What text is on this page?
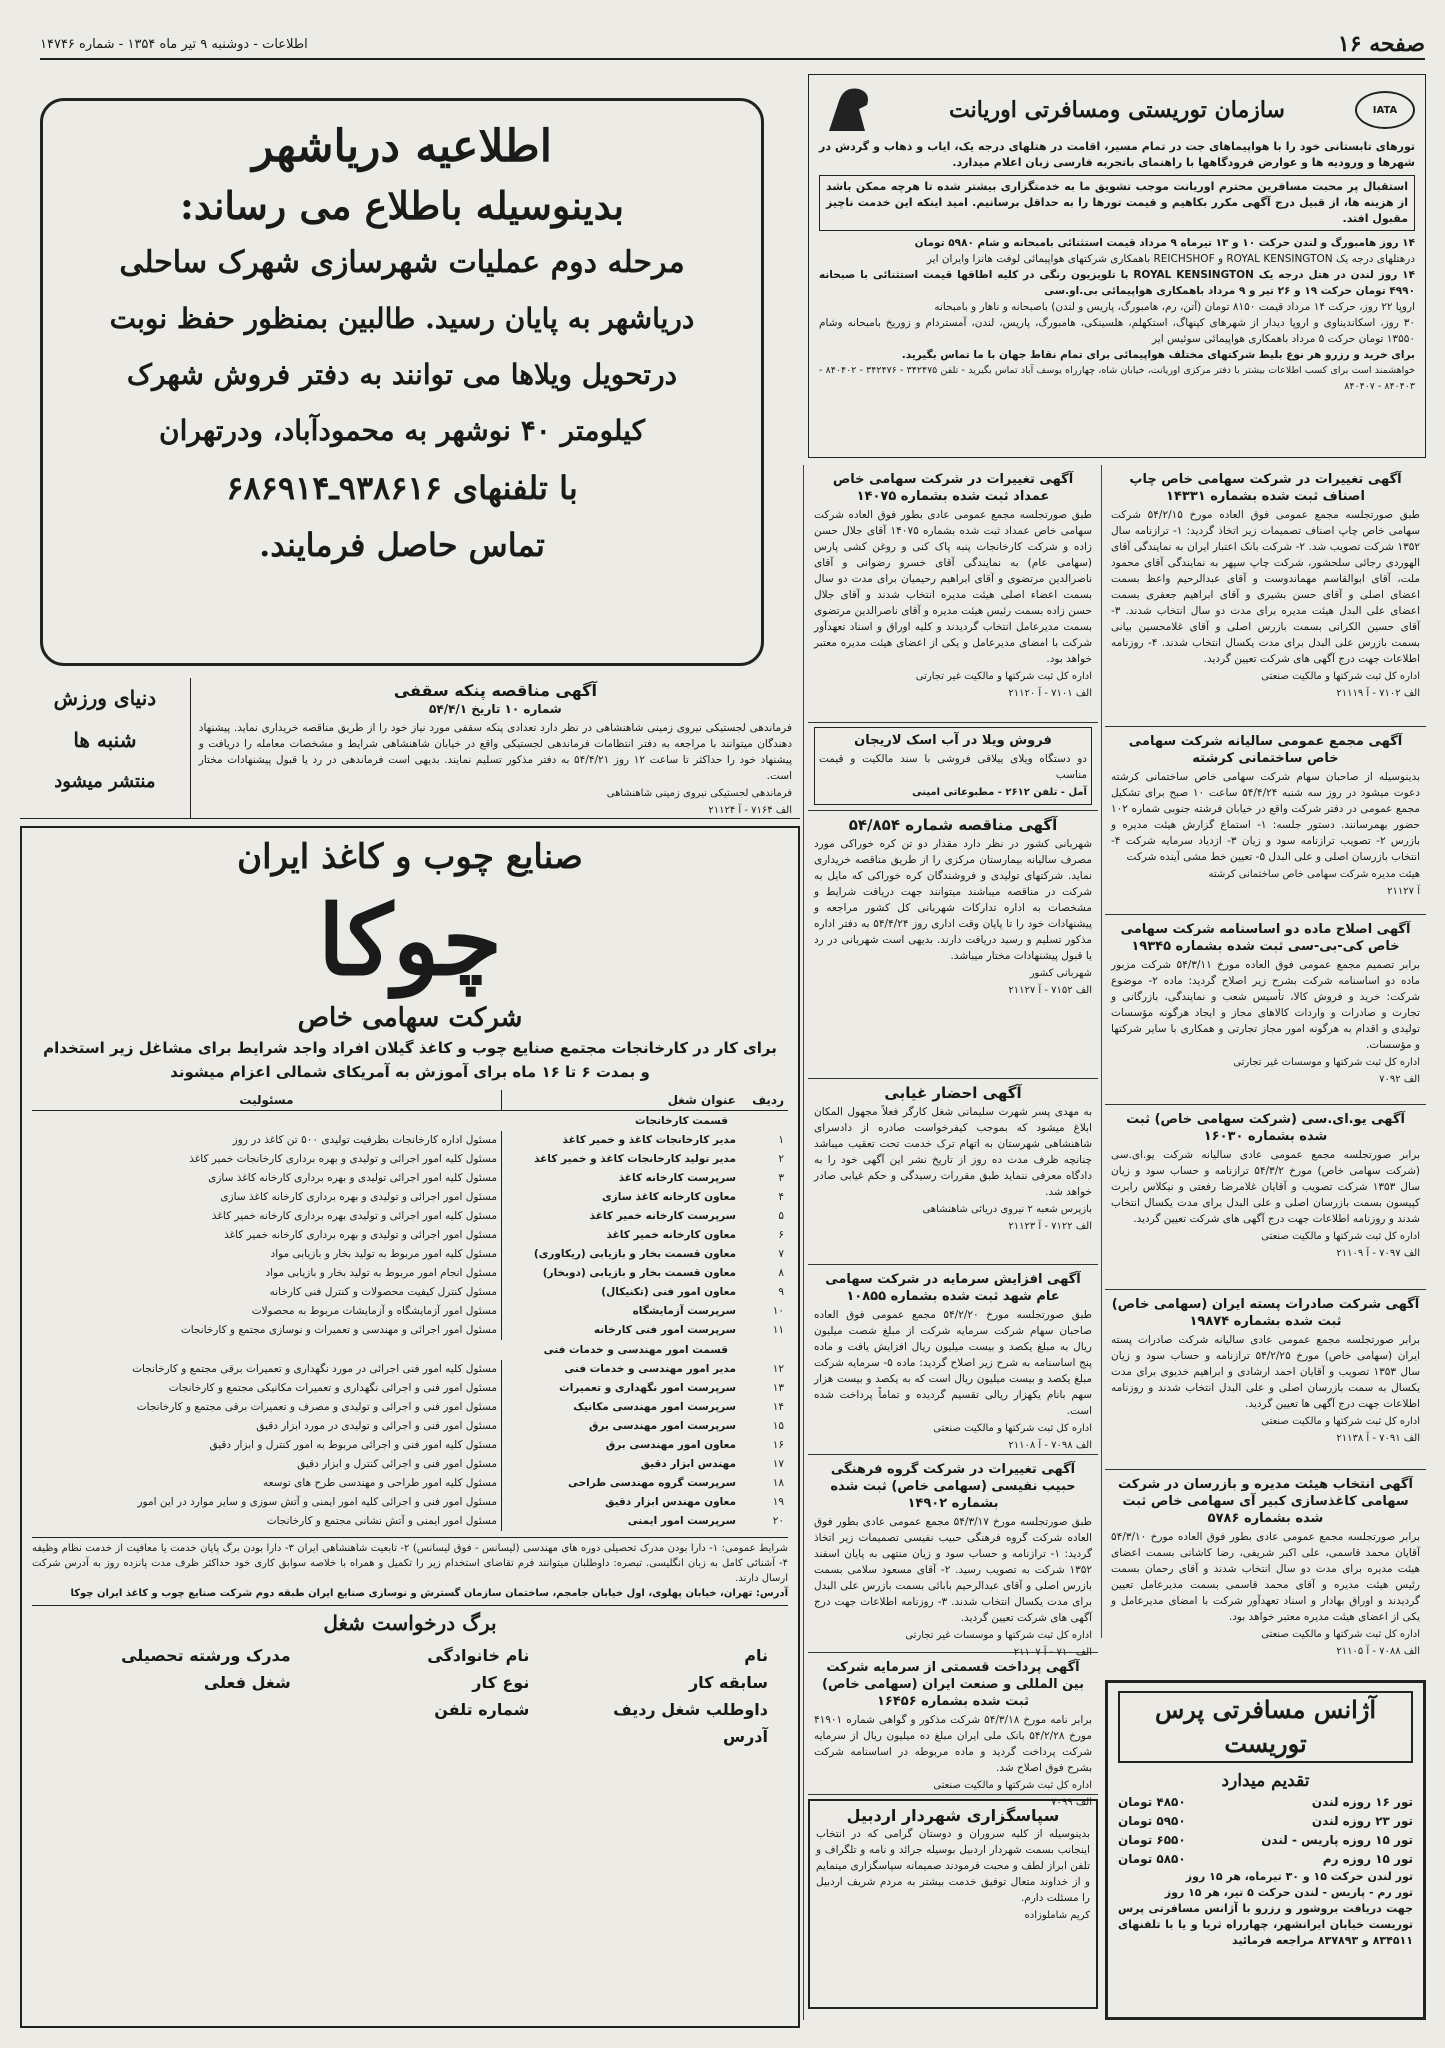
صفحه ۱۶
اطلاعات - دوشنبه ۹ تیر ماه ۱۳۵۴ - شماره ۱۴۷۴۶
اطلاعیه دریاشهر
بدینوسیله باطلاع می رساند:
مرحله دوم عملیات شهرسازی شهرک ساحلی
دریاشهر به پایان رسید. طالبین بمنظور حفظ نوبت
درتحویل ویلاها می توانند به دفتر فروش شهرک
کیلومتر ۴۰ نوشهر به محمودآباد، ودرتهران
با تلفنهای ۹۳۸۶۱۶ـ۶۸۶۹۱۴
تماس حاصل فرمایند.
IATA
سازمان توریستی ومسافرتی اوریانت

تورهای تابستانی خود را با هواپیماهای جت در تمام مسیر، اقامت در هتلهای درجه یک، ایاب و ذهاب و گردش در شهرها و ورودیه ها و عوارض فرودگاهها با راهنمای باتجربه فارسی زبان اعلام میدارد.

استقبال پر محبت مسافرین محترم اوریانت موجب تشویق ما به خدمتگزاری بیشتر شده تا هرچه ممکن باشد از هزینه ها، از قبیل درج آگهی مکرر بکاهیم و قیمت تورها را به حداقل برسانیم. امید اینکه این خدمت ناچیز مقبول افتد.

۱۴ روز هامبورگ و لندن حرکت ۱۰ و ۱۳ تیرماه ۹ مرداد قیمت استثنائی بامبحانه و شام ۵۹۸۰ تومان

درهتلهای درجه یک ROYAL KENSINGTON و REICHSHOF باهمکاری شرکتهای هواپیمائی لوفت هانزا وایران ایر

۱۴ روز لندن در هتل درجه یک ROYAL KENSINGTON با تلویزیون رنگی در کلیه اطاقها قیمت استثنائی با صبحانه ۴۹۹۰ تومان حرکت ۱۹ و ۲۶ تیر و ۹ مرداد باهمکاری هواپیمائی بی.او.سی

اروپا ۲۲ روز، حرکت ۱۴ مرداد قیمت ۸۱۵۰ تومان (آتن، رم، هامبورگ، پاریس و لندن) باصبحانه و ناهار و بامبحانه

۳۰ روز، اسکاندیناوی و اروپا دیدار از شهرهای کپنهاگ، استکهلم، هلسینکی، هامبورگ، پاریس، لندن، آمستردام و زوریخ بامبحانه وشام ۱۳۵۵۰ تومان حرکت ۵ مرداد باهمکاری هواپیمائی سوئیس ایر

برای خرید و رزرو هر نوع بلیط شرکتهای مختلف هواپیمائی برای تمام نقاط جهان با ما تماس بگیرید.

خواهشمند است برای کسب اطلاعات بیشتر با دفتر مرکزی اوریانت، خیابان شاه، چهارراه یوسف آباد تماس بگیرید - تلفن ۳۴۲۴۷۵ - ۳۴۲۴۷۶ - ۸۴۰۴۰۲ - ۸۴۰۴۰۳ - ۸۴۰۴۰۷

آگهی تغییرات در شرکت سهامی خاص چاپ اصناف ثبت شده بشماره ۱۴۳۳۱

طبق صورتجلسه مجمع عمومی فوق العاده مورخ ۵۴/۲/۱۵ شرکت سهامی خاص چاپ اصناف تصمیمات زیر اتخاذ گردید: ۱- ترازنامه سال ۱۳۵۲ شرکت تصویب شد. ۲- شرکت بانک اعتبار ایران به نمایندگی آقای الهوردی رجائی سلحشور، شرکت چاپ سپهر به نمایندگی آقای محمود ملت، آقای ابوالقاسم مهماندوست و آقای عبدالرحیم واعظ بسمت اعضای اصلی و آقای حسن بشیری و آقای ابراهیم جعفری بسمت اعضای علی البدل هیئت مدیره برای مدت دو سال انتخاب شدند. ۳- آقای حسین الکرانی بسمت بازرس اصلی و آقای غلامحسین بیانی بسمت بازرس علی البدل برای مدت یکسال انتخاب شدند. ۴- روزنامه اطلاعات جهت درج آگهی های شرکت تعیین گردید.

اداره کل ثبت شرکتها و مالکیت صنعتی
الف ۷۱۰۲ - آ ۲۱۱۱۹
آگهی مجمع عمومی سالیانه شرکت سهامی خاص ساختمانی کرشته

بدینوسیله از صاحبان سهام شرکت سهامی خاص ساختمانی کرشته دعوت میشود در روز سه شنبه ۵۴/۴/۲۴ ساعت ۱۰ صبح برای تشکیل مجمع عمومی در دفتر شرکت واقع در خیابان فرشته جنوبی شماره ۱۰۲ حضور بهمرسانند. دستور جلسه: ۱- استماع گزارش هیئت مدیره و بازرس ۲- تصویب ترازنامه سود و زیان ۳- ازدیاد سرمایه شرکت ۴- انتخاب بازرسان اصلی و علی البدل ۵- تعیین خط مشی آینده شرکت

هیئت مدیره شرکت سهامی خاص ساختمانی کرشته
آ ۲۱۱۲۷
آگهی اصلاح ماده دو اساسنامه شرکت سهامی خاص کی-بی-سی ثبت شده بشماره ۱۹۳۴۵

برابر تصمیم مجمع عمومی فوق العاده مورخ ۵۴/۳/۱۱ شرکت مزبور ماده دو اساسنامه شرکت بشرح زیر اصلاح گردید: ماده ۲- موضوع شرکت: خرید و فروش کالا، تأسیس شعب و نمایندگی، بازرگانی و تجارت و صادرات و واردات کالاهای مجاز و ایجاد هرگونه مؤسسات تولیدی و اقدام به هرگونه امور مجاز تجارتی و همکاری با سایر شرکتها و مؤسسات.

اداره کل ثبت شرکتها و موسسات غیر تجارتی
الف ۷۰۹۲
آگهی یو.ای.سی (شرکت سهامی خاص) ثبت شده بشماره ۱۶۰۳۰

برابر صورتجلسه مجمع عمومی عادی سالیانه شرکت یو.ای.سی (شرکت سهامی خاص) مورخ ۵۴/۳/۲ ترازنامه و حساب سود و زیان سال ۱۳۵۳ شرکت تصویب و آقایان غلامرضا رفعتی و نیکلاس رابرت کپیسون بسمت بازرسان اصلی و علی البدل برای مدت یکسال انتخاب شدند و روزنامه اطلاعات جهت درج آگهی های شرکت تعیین گردید.

اداره کل ثبت شرکتها و مالکیت صنعتی
الف ۷۰۹۷ - آ ۲۱۱۰۹
آگهی شرکت صادرات پسته ایران (سهامی خاص) ثبت شده بشماره ۱۹۸۷۴

برابر صورتجلسه مجمع عمومی عادی سالیانه شرکت صادرات پسته ایران (سهامی خاص) مورخ ۵۴/۲/۲۵ ترازنامه و حساب سود و زیان سال ۱۳۵۳ تصویب و آقایان احمد ارشادی و ابراهیم خدیوی برای مدت یکسال به سمت بازرسان اصلی و علی البدل انتخاب شدند و روزنامه اطلاعات جهت درج آگهی ها تعیین گردید.

اداره کل ثبت شرکتها و مالکیت صنعتی
الف ۷۰۹۱ - آ ۲۱۱۳۸
آگهی انتخاب هیئت مدیره و بازرسان در شرکت سهامی کاغذسازی کبیر آی سهامی خاص ثبت شده بشماره ۵۷۸۶

برابر صورتجلسه مجمع عمومی عادی بطور فوق العاده مورخ ۵۴/۳/۱۰ آقایان محمد قاسمی، علی اکبر شریفی، رضا کاشانی بسمت اعضای هیئت مدیره برای مدت دو سال انتخاب شدند و آقای رحمان بسمت رئیس هیئت مدیره و آقای محمد قاسمی بسمت مدیرعامل تعیین گردیدند و اوراق بهادار و اسناد تعهدآور شرکت با امضای مدیرعامل و یکی از اعضای هیئت مدیره معتبر خواهد بود.

اداره کل ثبت شرکتها و مالکیت صنعتی
الف ۷۰۸۸ - آ ۲۱۱۰۵
آژانس مسافرتی پرس توریست
تقدیم میدارد
تور ۱۶ روزه لندن
۴۸۵۰ تومان
تور ۲۳ روزه لندن
۵۹۵۰ تومان
تور ۱۵ روزه پاریس - لندن
۶۵۵۰ تومان
تور ۱۵ روزه رم
۵۸۵۰ تومان

تور لندن حرکت ۱۵ و ۳۰ تیرماه، هر ۱۵ روز

تور رم - پاریس - لندن حرکت ۵ تیر، هر ۱۵ روز

جهت دریافت بروشور و رزرو با آژانس مسافرتی پرس توریست خیابان ایرانشهر، چهارراه ثریا و یا با تلفنهای ۸۳۴۵۱۱ و ۸۳۷۸۹۳ مراجعه فرمائید

آگهی تغییرات در شرکت سهامی خاص عمداد ثبت شده بشماره ۱۴۰۷۵

طبق صورتجلسه مجمع عمومی عادی بطور فوق العاده شرکت سهامی خاص عمداد ثبت شده بشماره ۱۴۰۷۵ آقای جلال حسن زاده و شرکت کارخانجات پنبه پاک کنی و روغن کشی پارس (سهامی عام) به نمایندگی آقای خسرو رضوانی و آقای ناصرالدین مرتضوی و آقای ابراهیم رحیمیان برای مدت دو سال بسمت اعضاء اصلی هیئت مدیره انتخاب شدند و آقای جلال حسن زاده بسمت رئیس هیئت مدیره و آقای ناصرالدین مرتضوی بسمت مدیرعامل انتخاب گردیدند و کلیه اوراق و اسناد تعهدآور شرکت با امضای مدیرعامل و یکی از اعضای هیئت مدیره معتبر خواهد بود.

اداره کل ثبت شرکتها و مالکیت غیر تجارتی
الف ۷۱۰۱ - آ ۲۱۱۲۰
فروش ویلا در آب اسک لاریجان

دو دستگاه ویلای ییلاقی فروشی با سند مالکیت و قیمت مناسب

آمل - تلفن ۲۶۱۲ - مطبوعاتی امینی
آگهی مناقصه شماره ۵۴/۸۵۴

شهربانی کشور در نظر دارد مقدار دو تن کره خوراکی مورد مصرف سالیانه بیمارستان مرکزی را از طریق مناقصه خریداری نماید. شرکتهای تولیدی و فروشندگان کره خوراکی که مایل به شرکت در مناقصه میباشند میتوانند جهت دریافت شرایط و مشخصات به اداره تدارکات شهربانی کل کشور مراجعه و پیشنهادات خود را تا پایان وقت اداری روز ۵۴/۴/۲۴ به دفتر اداره مذکور تسلیم و رسید دریافت دارند. بدیهی است شهربانی در رد یا قبول پیشنهادات مختار میباشد.

شهربانی کشور
الف ۷۱۵۲ - آ ۲۱۱۲۷
آگهی احضار غیابی

به مهدی پسر شهرت سلیمانی شغل کارگر فعلاً مجهول المکان ابلاغ میشود که بموجب کیفرخواست صادره از دادسرای شاهنشاهی شهرستان به اتهام ترک خدمت تحت تعقیب میباشد چنانچه ظرف مدت ده روز از تاریخ نشر این آگهی خود را به دادگاه معرفی ننماید طبق مقررات رسیدگی و حکم غیابی صادر خواهد شد.

بازپرس شعبه ۲ نیروی دریائی شاهنشاهی
الف ۷۱۲۲ - آ ۲۱۱۲۳
آگهی افزایش سرمایه در شرکت سهامی عام شهد ثبت شده بشماره ۱۰۸۵۵

طبق صورتجلسه مورخ ۵۴/۲/۲۰ مجمع عمومی فوق العاده صاحبان سهام شرکت سرمایه شرکت از مبلغ شصت میلیون ریال به مبلغ یکصد و بیست میلیون ریال افزایش یافت و ماده پنج اساسنامه به شرح زیر اصلاح گردید: ماده ۵- سرمایه شرکت مبلغ یکصد و بیست میلیون ریال است که به یکصد و بیست هزار سهم بانام یکهزار ریالی تقسیم گردیده و تماماً پرداخت شده است.

اداره کل ثبت شرکتها و مالکیت صنعتی
الف ۷۰۹۸ - آ ۲۱۱۰۸
آگهی تغییرات در شرکت گروه فرهنگی حبیب نفیسی (سهامی خاص) ثبت شده بشماره ۱۴۹۰۲

طبق صورتجلسه مورخ ۵۴/۳/۱۷ مجمع عمومی عادی بطور فوق العاده شرکت گروه فرهنگی حبیب نفیسی تصمیمات زیر اتخاذ گردید: ۱- ترازنامه و حساب سود و زیان منتهی به پایان اسفند ۱۳۵۲ شرکت به تصویب رسید. ۲- آقای مسعود سلامی بسمت بازرس اصلی و آقای عبدالرحیم بابائی بسمت بازرس علی البدل برای مدت یکسال انتخاب شدند. ۳- روزنامه اطلاعات جهت درج آگهی های شرکت تعیین گردید.

اداره کل ثبت شرکتها و موسسات غیر تجارتی
الف ۷۱۰ - آ ۲۱۱۰۷
آگهی پرداخت قسمتی از سرمایه شرکت بین المللی و صنعت ایران (سهامی خاص) ثبت شده بشماره ۱۶۴۵۶

برابر نامه مورخ ۵۴/۳/۱۸ شرکت مذکور و گواهی شماره ۴۱۹۰۱ مورخ ۵۴/۲/۲۸ بانک ملی ایران مبلغ ده میلیون ریال از سرمایه شرکت پرداخت گردید و ماده مربوطه در اساسنامه شرکت بشرح فوق اصلاح شد.

اداره کل ثبت شرکتها و مالکیت صنعتی
الف ۷۰۹۹
سپاسگزاری شهردار اردبیل

بدینوسیله از کلیه سروران و دوستان گرامی که در انتخاب اینجانب بسمت شهردار اردبیل بوسیله جرائد و نامه و تلگراف و تلفن ابراز لطف و محبت فرمودند صمیمانه سپاسگزاری مینمایم و از خداوند متعال توفیق خدمت بیشتر به مردم شریف اردبیل را مسئلت دارم.

کریم شاملوزاده
آگهی مناقصه پنکه سقفی
شماره ۱۰ تاریخ ۵۴/۴/۱

فرماندهی لجستیکی نیروی زمینی شاهنشاهی در نظر دارد تعدادی پنکه سقفی مورد نیاز خود را از طریق مناقصه خریداری نماید. پیشنهاد دهندگان میتوانند با مراجعه به دفتر انتظامات فرماندهی لجستیکی واقع در خیابان شاهنشاهی شرایط و مشخصات معامله را دریافت و پیشنهاد خود را حداکثر تا ساعت ۱۲ روز ۵۴/۴/۲۱ به دفتر مذکور تسلیم نمایند. بدیهی است فرماندهی در رد یا قبول پیشنهادات مختار است.

فرماندهی لجستیکی نیروی زمینی شاهنشاهی
الف ۷۱۶۴ - آ ۲۱۱۲۴
دنیای ورزش
شنبه ها
منتشر میشود
صنایع چوب و کاغذ ایران
چوکا
شرکت سهامی خاص
برای کار در کارخانجات مجتمع صنایع چوب و کاغذ گیلان افراد واجد شرایط برای مشاغل زیر استخدام
و بمدت ۶ تا ۱۶ ماه برای آموزش به آمریکای شمالی اعزام میشوند
ردیف	عنوان شغل	مسئولیت
قسمت کارخانجات		
۱	مدیر کارخانجات کاغذ و خمیر کاغذ	مسئول اداره کارخانجات بظرفیت تولیدی ۵۰۰ تن کاغذ در روز
۲	مدیر تولید کارخانجات کاغذ و خمیر کاغذ	مسئول کلیه امور اجرائی و تولیدی و بهره برداری کارخانجات خمیر کاغذ
۳	سرپرست کارخانه کاغذ	مسئول کلیه امور اجرائی تولیدی و بهره برداری کارخانه کاغذ سازی
۴	معاون کارخانه کاغذ سازی	مسئول امور اجرائی و تولیدی و بهره برداری کارخانه کاغذ سازی
۵	سرپرست کارخانه خمیر کاغذ	مسئول کلیه امور اجرائی و تولیدی بهره برداری کارخانه خمیر کاغذ
۶	معاون کارخانه خمیر کاغذ	مسئول امور اجرائی و تولیدی و بهره برداری کارخانه خمیر کاغذ
۷	معاون قسمت بخار و بازیابی (ریکاوری)	مسئول کلیه امور مربوط به تولید بخار و بازیابی مواد
۸	معاون قسمت بخار و بازیابی (دوبخار)	مسئول انجام امور مربوط به تولید بخار و بازیابی مواد
۹	معاون امور فنی (تکنیکال)	مسئول کنترل کیفیت محصولات و کنترل فنی کارخانه
۱۰	سرپرست آزمایشگاه	مسئول امور آزمایشگاه و آزمایشات مربوط به محصولات
۱۱	سرپرست امور فنی کارخانه	مسئول امور اجرائی و مهندسی و تعمیرات و نوسازی مجتمع و کارخانجات
قسمت امور مهندسی و خدمات فنی		
۱۲	مدیر امور مهندسی و خدمات فنی	مسئول کلیه امور فنی اجرائی در مورد نگهداری و تعمیرات برقی مجتمع و کارخانجات
۱۳	سرپرست امور نگهداری و تعمیرات	مسئول امور فنی و اجرائی نگهداری و تعمیرات مکانیکی مجتمع و کارخانجات
۱۴	سرپرست امور مهندسی مکانیک	مسئول امور فنی و اجرائی و تولیدی و مصرف و تعمیرات برقی مجتمع و کارخانجات
۱۵	سرپرست امور مهندسی برق	مسئول امور فنی و اجرائی و تولیدی در مورد ابزار دقیق
۱۶	معاون امور مهندسی برق	مسئول کلیه امور فنی و اجرائی مربوط به امور کنترل و ابزار دقیق
۱۷	مهندس ابزار دقیق	مسئول امور فنی و اجرائی کنترل و ابزار دقیق
۱۸	سرپرست گروه مهندسی طراحی	مسئول کلیه امور طراحی و مهندسی طرح های توسعه
۱۹	معاون مهندس ابزار دقیق	مسئول امور فنی و اجرائی کلیه امور ایمنی و آتش سوزی و سایر موارد در این امور
۲۰	سرپرست امور ایمنی	مسئول امور ایمنی و آتش نشانی مجتمع و کارخانجات

شرایط عمومی: ۱- دارا بودن مدرک تحصیلی دوره های مهندسی (لیسانس - فوق لیسانس) ۲- تابعیت شاهنشاهی ایران ۳- دارا بودن برگ پایان خدمت یا معافیت از خدمت نظام وظیفه ۴- آشنائی کامل به زبان انگلیسی. تبصره: داوطلبان میتوانند فرم تقاضای استخدام زیر را تکمیل و همراه با خلاصه سوابق کاری خود حداکثر ظرف مدت پانزده روز به آدرس شرکت ارسال دارند.

آدرس: تهران، خیابان پهلوی، اول خیابان جامجم، ساختمان سازمان گسترش و نوسازی صنایع ایران طبقه دوم شرکت صنایع چوب و کاغذ ایران چوکا

برگ درخواست شغل
نام
نام خانوادگی
مدرک ورشته تحصیلی
سابقه کار
نوع کار
شغل فعلی
داوطلب شغل ردیف
شماره تلفن
آدرس
